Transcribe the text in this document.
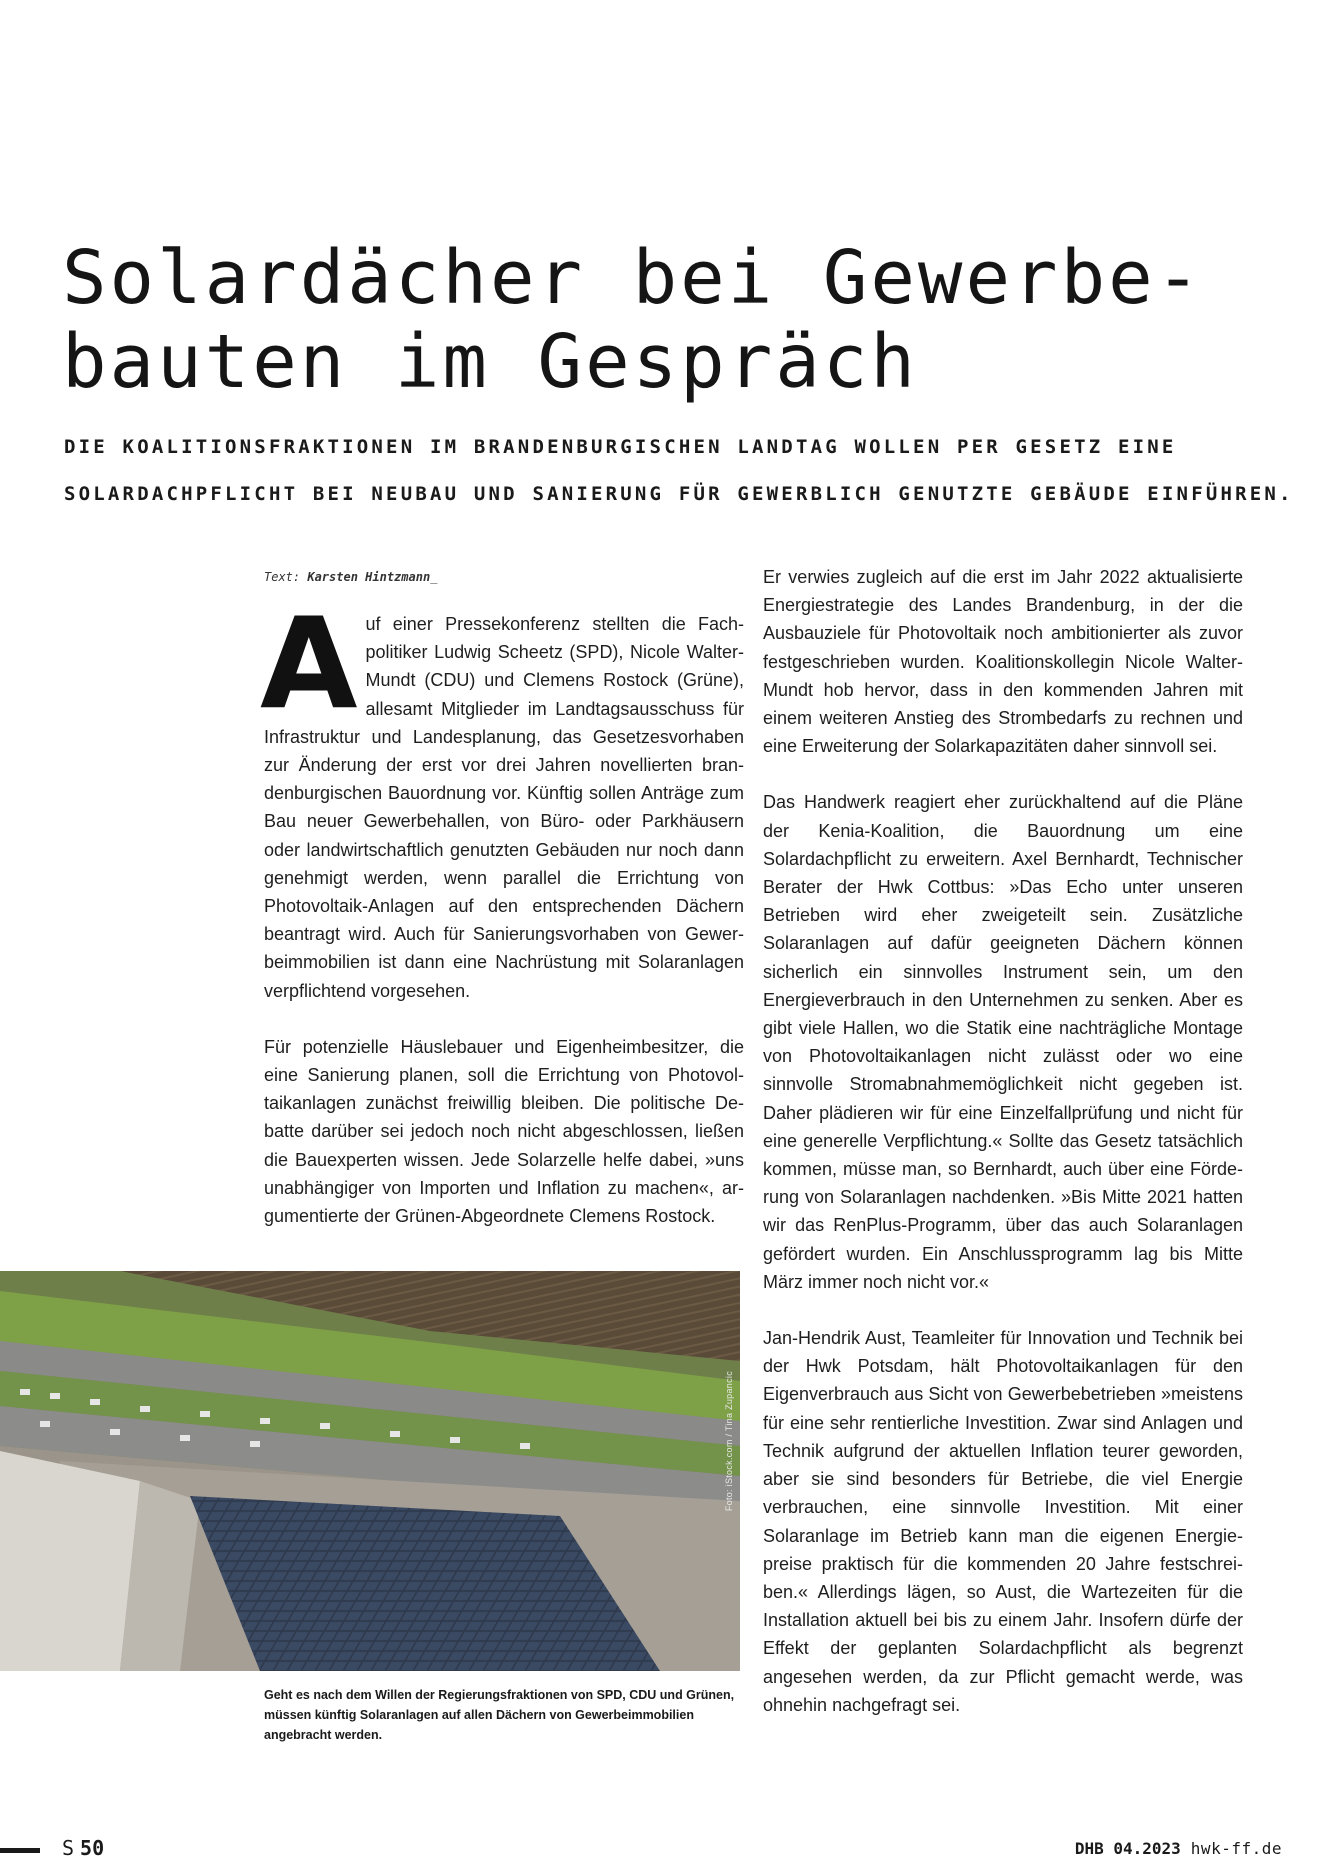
Solardächer bei Gewerbe-
bauten im Gespräch
DIE KOALITIONSFRAKTIONEN IM BRANDENBURGISCHEN LANDTAG WOLLEN PER GESETZ EINE
SOLARDACHPFLICHT BEI NEUBAU UND SANIERUNG FÜR GEWERBLICH GENUTZTE GEBÄUDE EINFÜHREN.
Text: Karsten Hintzmann_

A uf einer Pressekonferenz stellten die Fachpolitiker Ludwig Scheetz (SPD), Nicole Walter-Mundt (CDU) und Clemens Rostock (Grüne), allesamt Mitglieder im Landtagsausschuss für Infrastruktur und Landesplanung, das Gesetzesvorhaben zur Änderung der erst vor drei Jahren novellierten brandenburgischen Bauordnung vor. Künftig sollen Anträge zum Bau neuer Gewerbehallen, von Büro- oder Parkhäusern oder landwirtschaftlich genutzten Gebäuden nur noch dann genehmigt werden, wenn parallel die Errichtung von Photovoltaik-Anlagen auf den entsprechenden Dächern beantragt wird. Auch für Sanierungsvorhaben von Gewerbeimmobilien ist dann eine Nachrüstung mit Solaranlagen verpflichtend vorgesehen.

Für potenzielle Häuslebauer und Eigenheimbesitzer, die eine Sanierung planen, soll die Errichtung von Photovoltaikanlagen zunächst freiwillig bleiben. Die politische Debatte darüber sei jedoch noch nicht abgeschlossen, ließen die Bauexperten wissen. Jede Solarzelle helfe dabei, »uns unabhängiger von Importen und Inflation zu machen«, argumentierte der Grünen-Abgeordnete Clemens Rostock.

Er verwies zugleich auf die erst im Jahr 2022 aktualisierte Energiestrategie des Landes Brandenburg, in der die Ausbauziele für Photovoltaik noch ambitionierter als zuvor festgeschrieben wurden. Koalitionskollegin Nicole Walter-Mundt hob hervor, dass in den kommenden Jahren mit einem weiteren Anstieg des Strombedarfs zu rechnen und eine Erweiterung der Solarkapazitäten daher sinnvoll sei.

Das Handwerk reagiert eher zurückhaltend auf die Pläne der Kenia-Koalition, die Bauordnung um eine Solardachpflicht zu erweitern. Axel Bernhardt, Technischer Berater der Hwk Cottbus: »Das Echo unter unseren Betrieben wird eher zweigeteilt sein. Zusätzliche Solaranlagen auf dafür geeigneten Dächern können sicherlich ein sinnvolles Instrument sein, um den Energieverbrauch in den Unternehmen zu senken. Aber es gibt viele Hallen, wo die Statik eine nachträgliche Montage von Photovoltaikanlagen nicht zulässt oder wo eine sinnvolle Stromabnahmemöglichkeit nicht gegeben ist. Daher plädieren wir für eine Einzelfallprüfung und nicht für eine generelle Verpflichtung.« Sollte das Gesetz tatsächlich kommen, müsse man, so Bernhardt, auch über eine Förderung von Solaranlagen nachdenken. »Bis Mitte 2021 hatten wir das RenPlus-Programm, über das auch Solaranlagen gefördert wurden. Ein Anschlussprogramm lag bis Mitte März immer noch nicht vor.«

Jan-Hendrik Aust, Teamleiter für Innovation und Technik bei der Hwk Potsdam, hält Photovoltaikanlagen für den Eigenverbrauch aus Sicht von Gewerbebetrieben »meistens für eine sehr rentierliche Investition. Zwar sind Anlagen und Technik aufgrund der aktuellen Inflation teurer geworden, aber sie sind besonders für Betriebe, die viel Energie verbrauchen, eine sinnvolle Investition. Mit einer Solaranlage im Betrieb kann man die eigenen Energiepreise praktisch für die kommenden 20 Jahre festschreiben.« Allerdings lägen, so Aust, die Wartezeiten für die Installation aktuell bei bis zu einem Jahr. Insofern dürfe der Effekt der geplanten Solardachpflicht als begrenzt angesehen werden, da zur Pflicht gemacht werde, was ohnehin nachgefragt sei.

Foto: iStock.com / Tina Zupancic
Geht es nach dem Willen der Regierungsfraktionen von SPD, CDU und Grünen, müssen künftig Solaranlagen auf allen Dächern von Gewerbeimmobilien angebracht werden.
S 50	DHB 04.2023 hwk-ff.de
